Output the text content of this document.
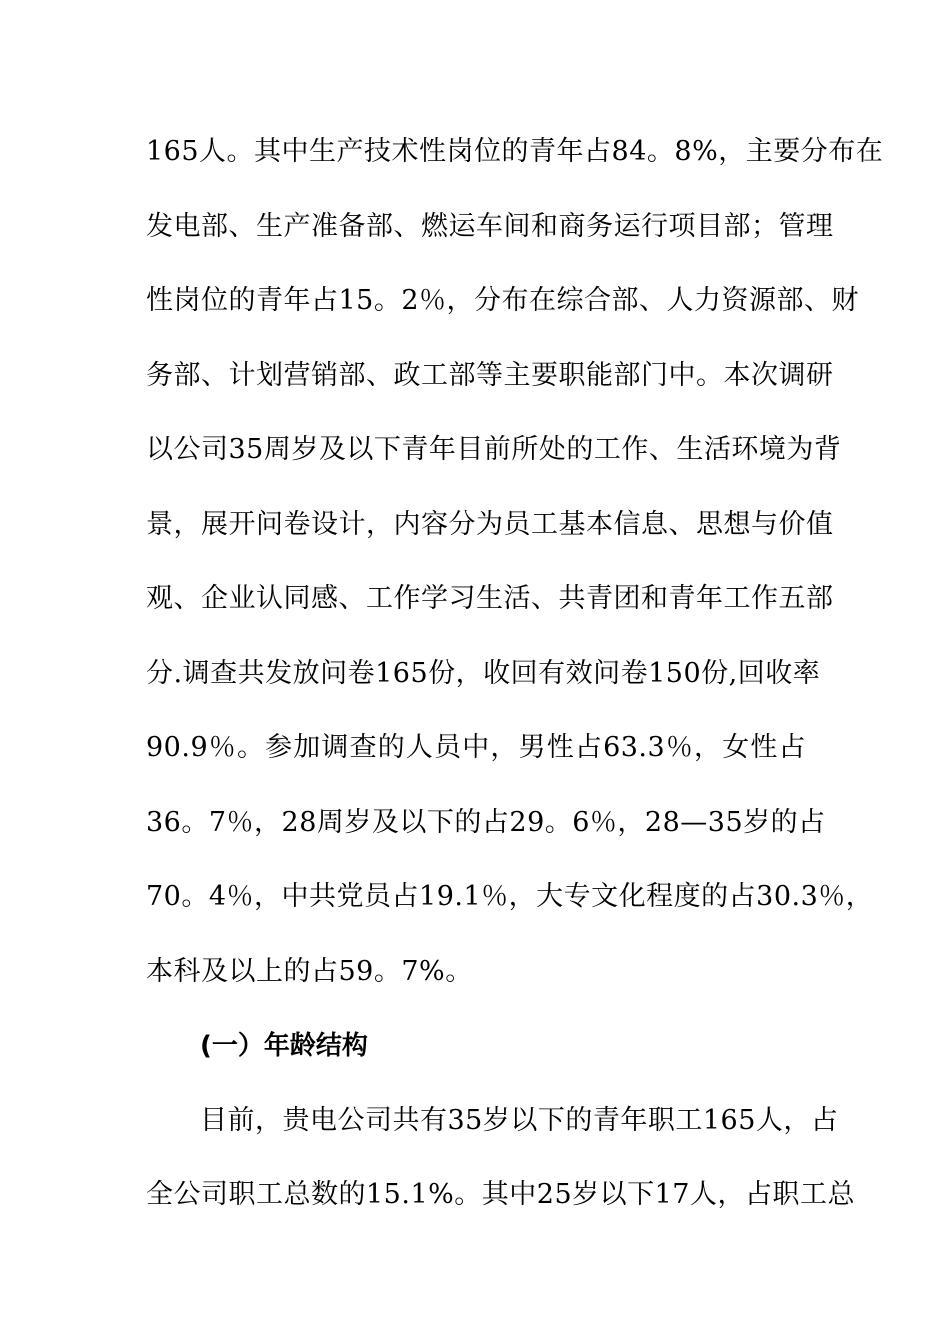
165人。其中生产技术性岗位的青年占84。8%，主要分布在
发电部、生产准备部、燃运车间和商务运行项目部；管理
性岗位的青年占15。2％，分布在综合部、人力资源部、财
务部、计划营销部、政工部等主要职能部门中。本次调研
以公司35周岁及以下青年目前所处的工作、生活环境为背
景，展开问卷设计，内容分为员工基本信息、思想与价值
观、企业认同感、工作学习生活、共青团和青年工作五部
分.调查共发放问卷165份，收回有效问卷150份,回收率
90.9％。参加调查的人员中，男性占63.3％，女性占
36。7％，28周岁及以下的占29。6％，28—35岁的占
70。4％，中共党员占19.1％，大专文化程度的占30.3％，
本科及以上的占59。7%。
(一）年龄结构
目前，贵电公司共有35岁以下的青年职工165人，占
全公司职工总数的15.1%。其中25岁以下17人，占职工总
